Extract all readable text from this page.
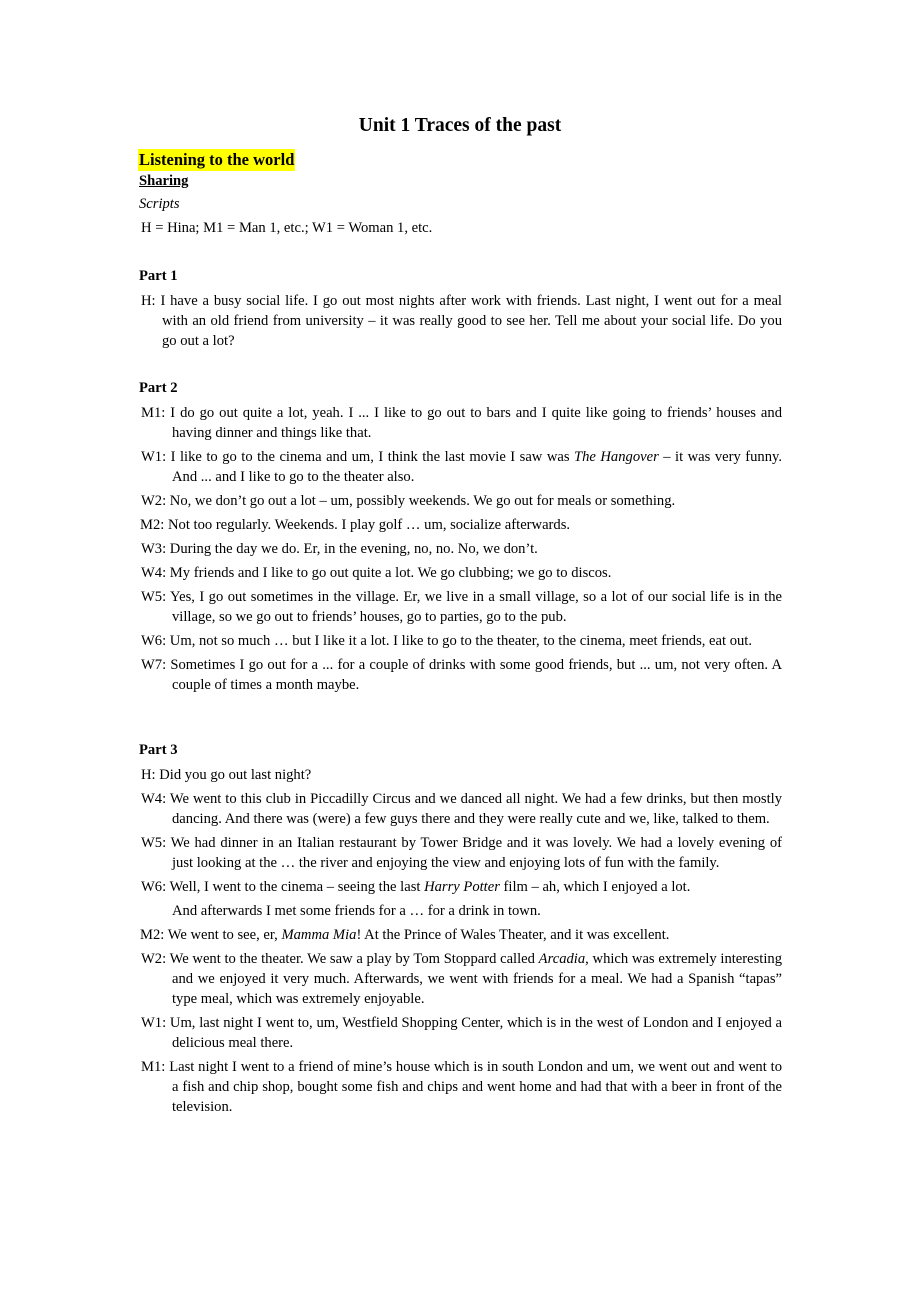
Unit 1 Traces of the past
Listening to the world
Sharing
Scripts
H = Hina; M1 = Man 1, etc.; W1 = Woman 1, etc.
Part 1

H: I have a busy social life. I go out most nights after work with friends. Last night, I went out for a meal with an old friend from university – it was really good to see her. Tell me about your social life. Do you go out a lot?

Part 2

M1: I do go out quite a lot, yeah. I ... I like to go out to bars and I quite like going to friends’ houses and having dinner and things like that.

W1: I like to go to the cinema and um, I think the last movie I saw was The Hangover – it was very funny. And ... and I like to go to the theater also.

W2: No, we don’t go out a lot – um, possibly weekends. We go out for meals or something.

M2: Not too regularly. Weekends. I play golf … um, socialize afterwards.

W3: During the day we do. Er, in the evening, no, no. No, we don’t.

W4: My friends and I like to go out quite a lot. We go clubbing; we go to discos.

W5: Yes, I go out sometimes in the village. Er, we live in a small village, so a lot of our social life is in the village, so we go out to friends’ houses, go to parties, go to the pub.

W6: Um, not so much … but I like it a lot. I like to go to the theater, to the cinema, meet friends, eat out.

W7: Sometimes I go out for a ... for a couple of drinks with some good friends, but ... um, not very often. A couple of times a month maybe.

Part 3

H: Did you go out last night?

W4: We went to this club in Piccadilly Circus and we danced all night. We had a few drinks, but then mostly dancing. And there was (were) a few guys there and they were really cute and we, like, talked to them.

W5: We had dinner in an Italian restaurant by Tower Bridge and it was lovely. We had a lovely evening of just looking at the … the river and enjoying the view and enjoying lots of fun with the family.

W6: Well, I went to the cinema – seeing the last Harry Potter film – ah, which I enjoyed a lot.

And afterwards I met some friends for a … for a drink in town.

M2: We went to see, er, Mamma Mia! At the Prince of Wales Theater, and it was excellent.

W2: We went to the theater. We saw a play by Tom Stoppard called Arcadia, which was extremely interesting and we enjoyed it very much. Afterwards, we went with friends for a meal. We had a Spanish “tapas” type meal, which was extremely enjoyable.

W1: Um, last night I went to, um, Westfield Shopping Center, which is in the west of London and I enjoyed a delicious meal there.

M1: Last night I went to a friend of mine’s house which is in south London and um, we went out and went to a fish and chip shop, bought some fish and chips and went home and had that with a beer in front of the television.
